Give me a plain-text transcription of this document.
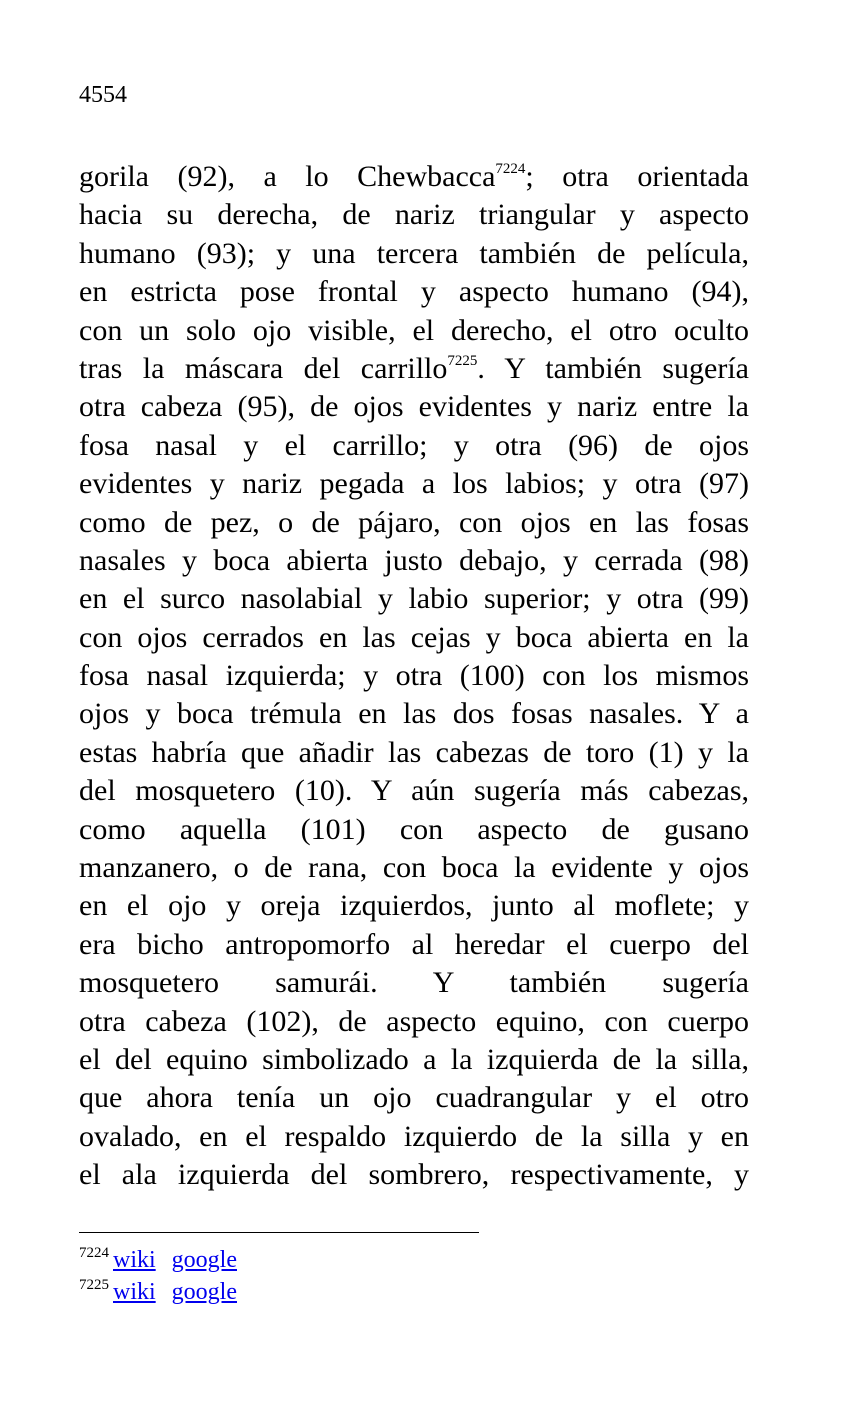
4554
gorila (92), a lo Chewbacca$^{7224}$; otra orientada
hacia su derecha, de nariz triangular y aspecto
humano (93); y una tercera también de película,
en estricta pose frontal y aspecto humano (94),
con un solo ojo visible, el derecho, el otro oculto
tras la máscara del carrillo$^{7225}$. Y también sugería
otra cabeza (95), de ojos evidentes y nariz entre la
fosa nasal y el carrillo; y otra (96) de ojos
evidentes y nariz pegada a los labios; y otra (97)
como de pez, o de pájaro, con ojos en las fosas
nasales y boca abierta justo debajo, y cerrada (98)
en el surco nasolabial y labio superior; y otra (99)
con ojos cerrados en las cejas y boca abierta en la
fosa nasal izquierda; y otra (100) con los mismos
ojos y boca trémula en las dos fosas nasales. Y a
estas habría que añadir las cabezas de toro (1) y la
del mosquetero (10). Y aún sugería más cabezas,
como aquella (101) con aspecto de gusano
manzanero, o de rana, con boca la evidente y ojos
en el ojo y oreja izquierdos, junto al moflete; y
era bicho antropomorfo al heredar el cuerpo del
mosquetero samurái. Y también sugería
otra cabeza (102), de aspecto equino, con cuerpo
el del equino simbolizado a la izquierda de la silla,
que ahora tenía un ojo cuadrangular y el otro
ovalado, en el respaldo izquierdo de la silla y en
el ala izquierda del sombrero, respectivamente, y
$^{7224}$ wiki google
$^{7225}$ wiki google
